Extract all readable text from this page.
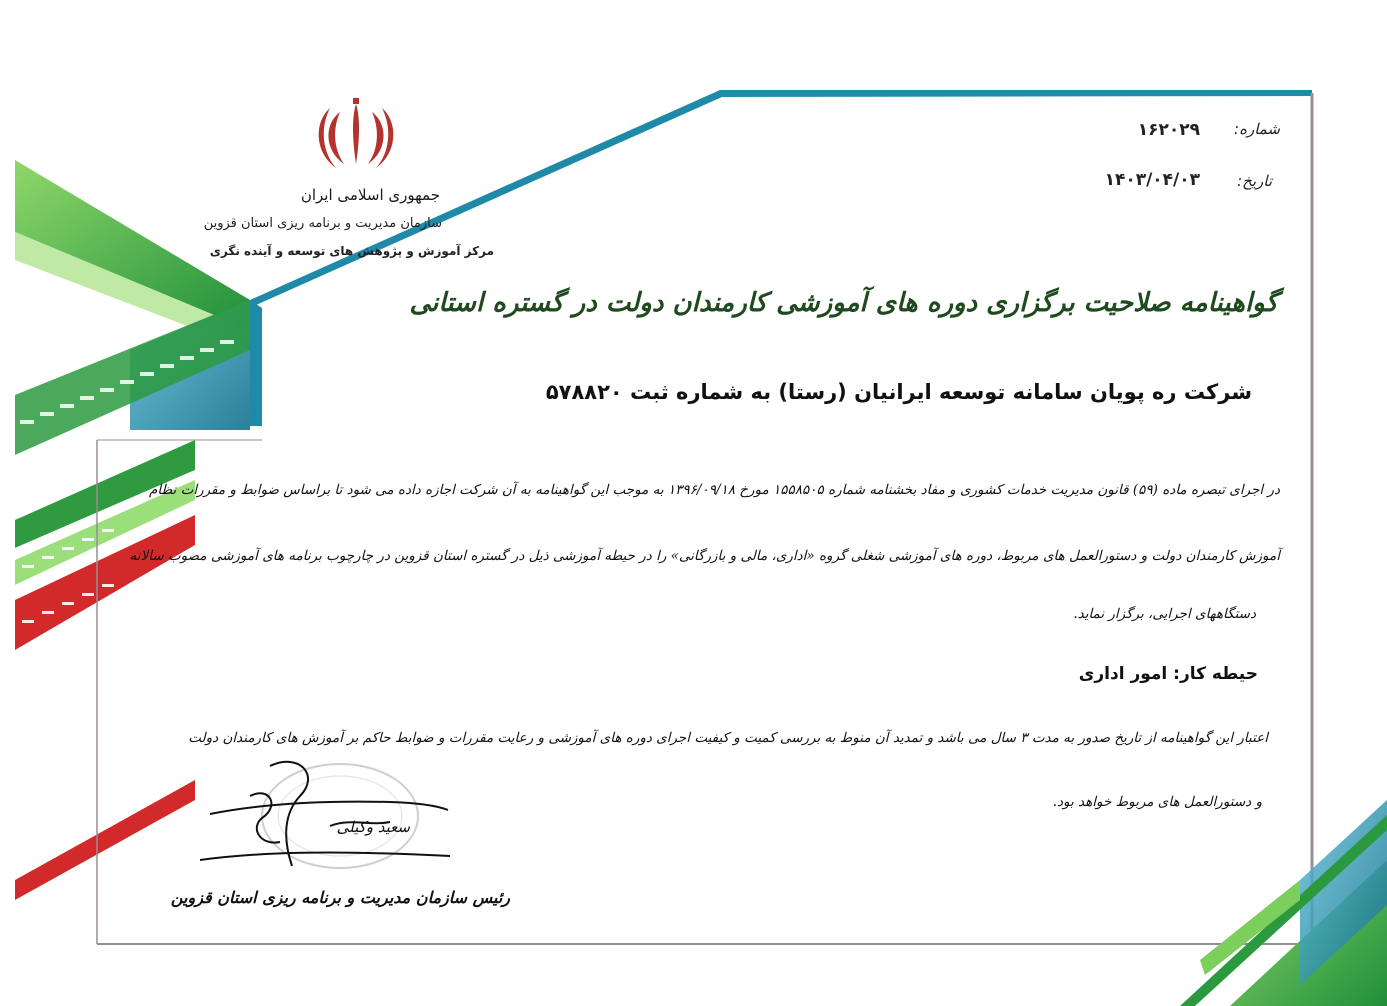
جمهوری اسلامی ایران
سازمان مدیریت و برنامه ریزی استان قزوین
مرکز آموزش و پژوهش های توسعه و آینده نگری
شماره:
۱۶۲۰۲۹
تاریخ:
۱۴۰۳/۰۴/۰۳
گواهینامه صلاحیت برگزاری دوره های آموزشی کارمندان دولت در گستره استانی
شرکت ره پویان سامانه توسعه ایرانیان (رستا) به شماره ثبت ۵۷۸۸۲۰
در اجرای تبصره ماده (۵۹) قانون مدیریت خدمات کشوری و مفاد بخشنامه شماره ۱۵۵۸۵۰۵ مورخ ۱۳۹۶/۰۹/۱۸ به موجب این گواهینامه به آن شرکت اجازه داده می شود تا براساس ضوابط و مقررات نظام
آموزش کارمندان دولت و دستورالعمل های مربوط، دوره های آموزشی شغلی گروه «اداری، مالی و بازرگانی» را در حیطه آموزشی ذیل در گستره استان قزوین در چارچوب برنامه های آموزشی مصوب سالانه
دستگاههای اجرایی، برگزار نماید.
حیطه کار: امور اداری
اعتبار این گواهینامه از تاریخ صدور به مدت ۳ سال می باشد و تمدید آن منوط به بررسی کمیت و کیفیت اجرای دوره های آموزشی و رعایت مقررات و ضوابط حاکم بر آموزش های کارمندان دولت
و دستورالعمل های مربوط خواهد بود.
سعید وکیلی
رئیس سازمان مدیریت و برنامه ریزی استان قزوین
